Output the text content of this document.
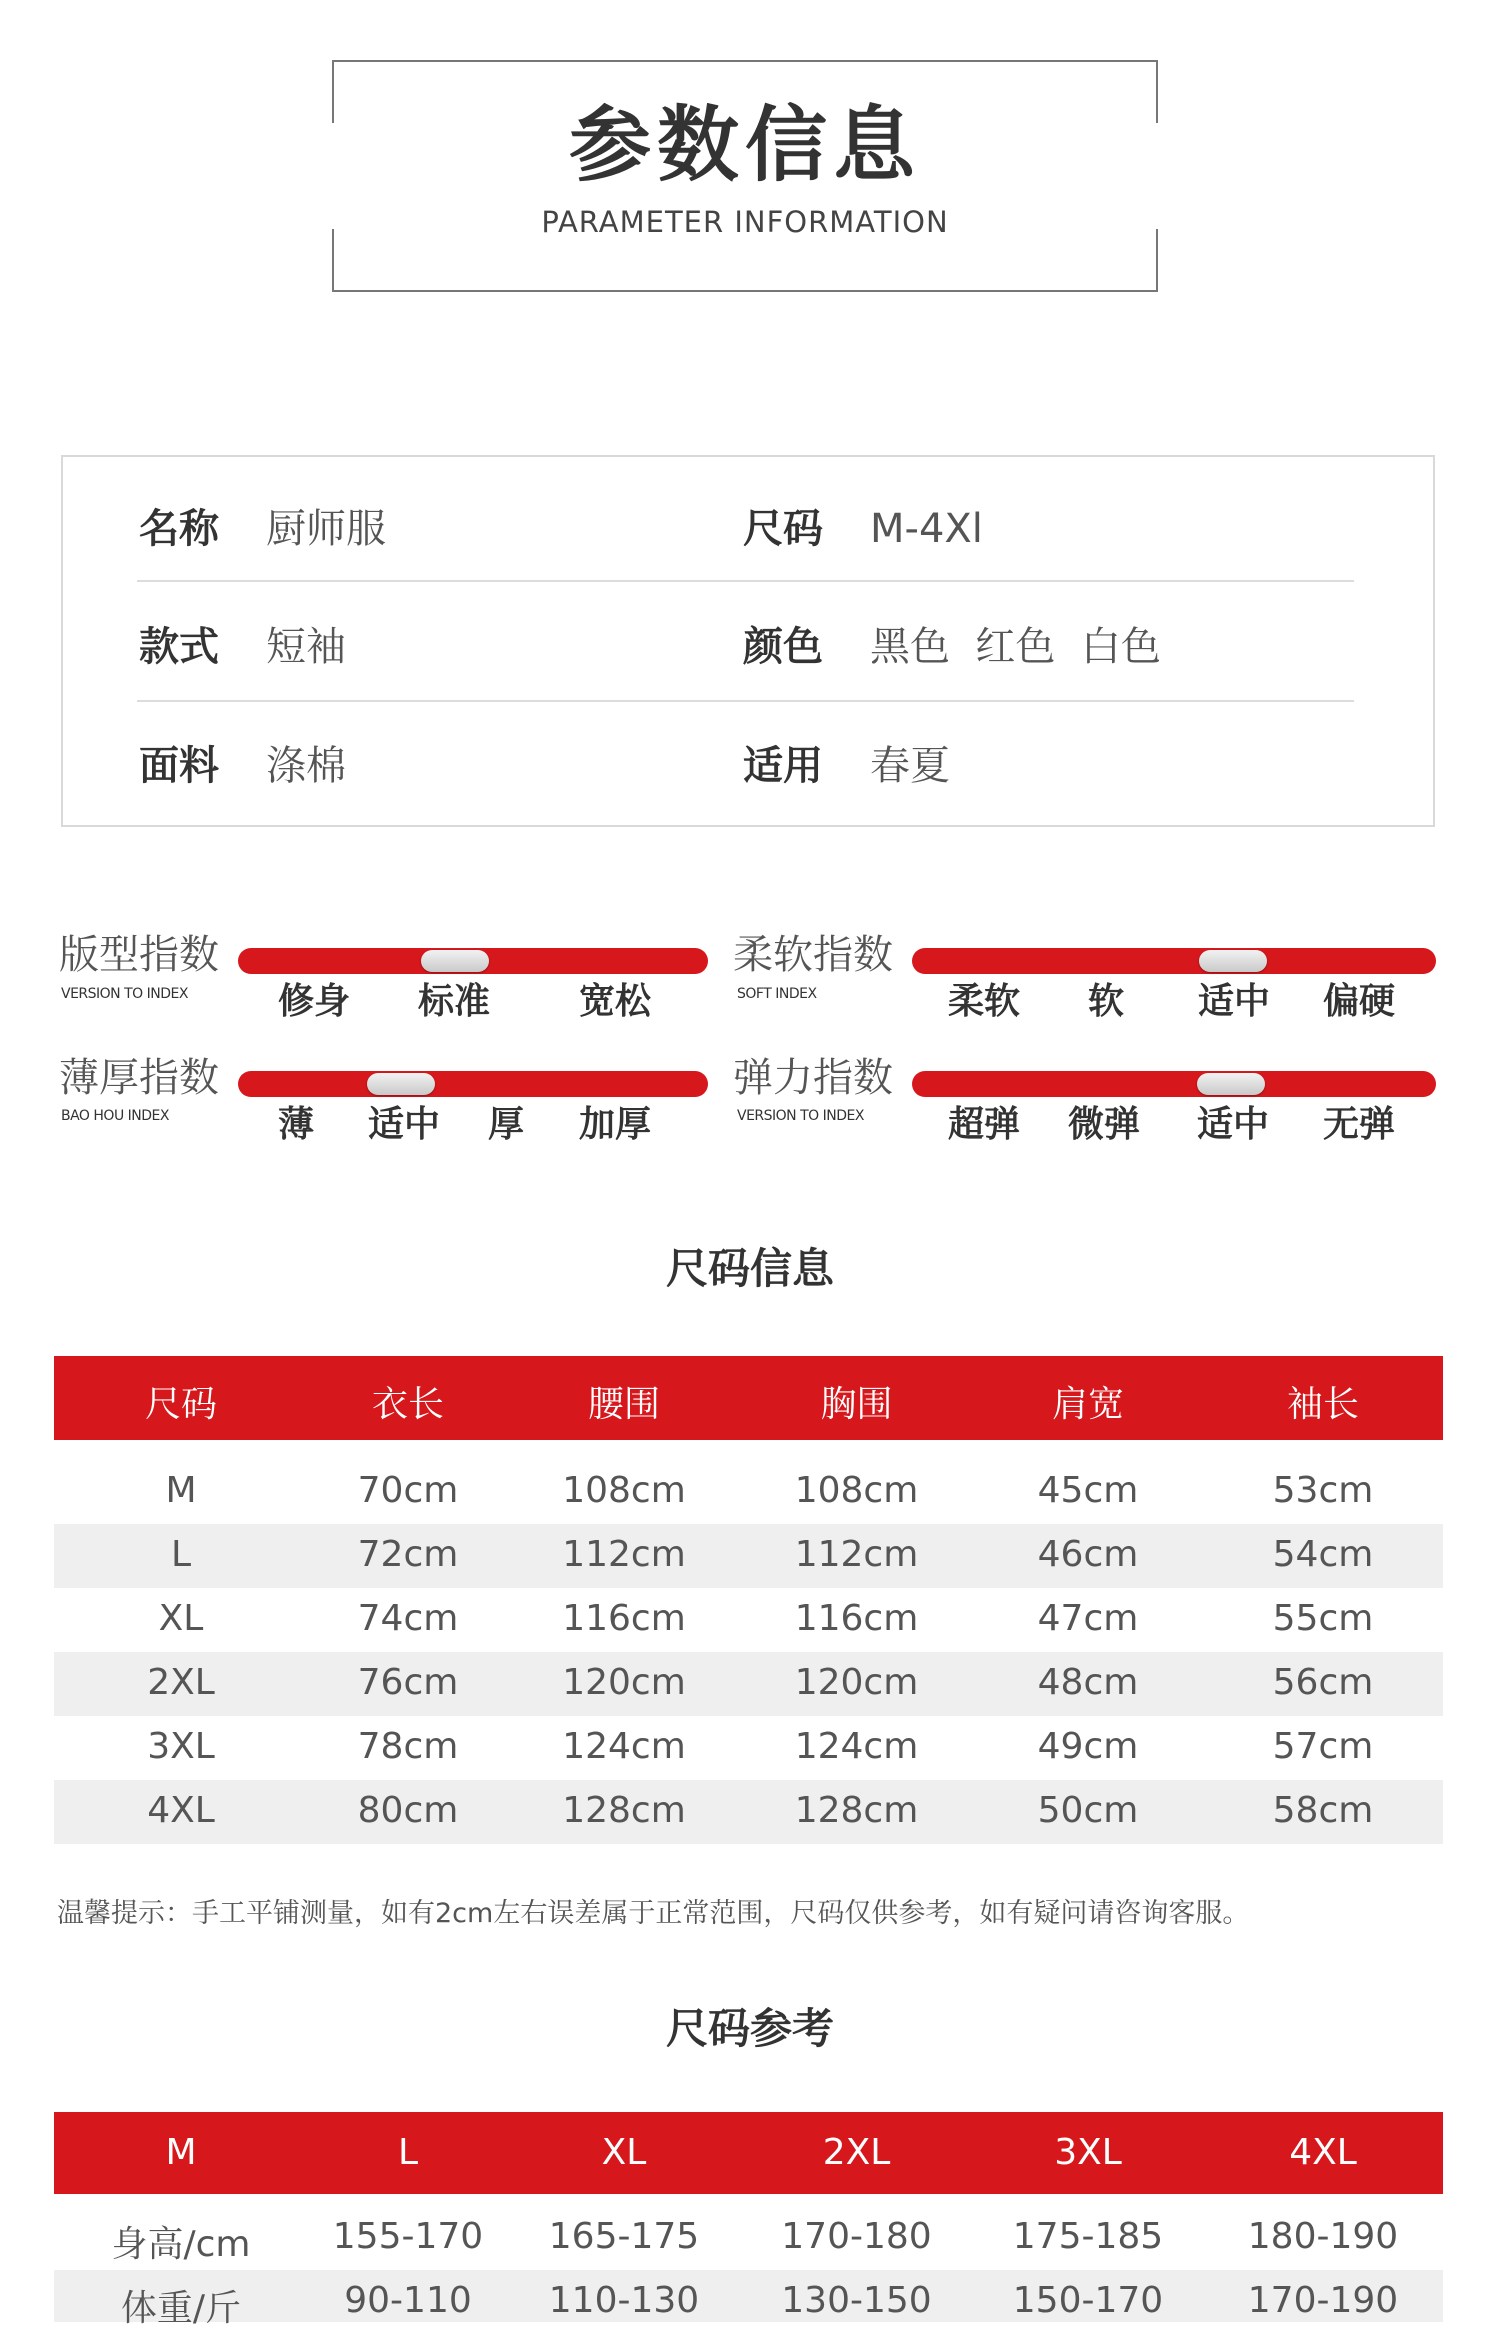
参数信息
PARAMETER INFORMATION
名称 厨师服	尺码 M-4Xl
款式 短袖	颜色 黑色  红色  白色
面料 涤棉	适用 春夏
版型指数
VERSION TO INDEX	修身 标准 宽松
柔软指数
SOFT INDEX	柔软 软 适中 偏硬
薄厚指数
BAO HOU INDEX	薄 适中 厚 加厚
弹力指数
VERSION TO INDEX 超弹 微弹 适中 无弹
尺码信息
尺码	衣长	腰围	胸围	肩宽	袖长
M	70cm	108cm	108cm	45cm	53cm
L	72cm	112cm	112cm	46cm	54cm
XL	74cm	116cm	116cm	47cm	55cm
2XL	76cm	120cm	120cm	48cm	56cm
3XL	78cm	124cm	124cm	49cm	57cm
4XL	80cm	128cm	128cm	50cm	58cm
温馨提示：手工平铺测量，如有2cm左右误差属于正常范围，尺码仅供参考，如有疑问请咨询客服。
尺码参考
M	L	XL	2XL	3XL	4XL
身高/cm	155-170	165-175	170-180	175-185	180-190
体重/斤	90-110	110-130	130-150	150-170	170-190
